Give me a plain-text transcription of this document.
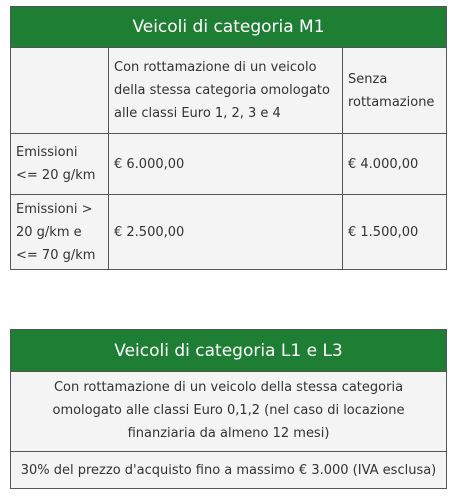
Veicoli di categoria M1
Con rottamazione di un veicolo della stessa categoria omologato alle classi Euro 1, 2, 3 e 4
Senza rottamazione
Emissioni <= 20 g/km
€ 6.000,00	€ 4.000,00
Emissioni > 20 g/km e <= 70 g/km
€ 2.500,00	€ 1.500,00
Veicoli di categoria L1 e L3
Con rottamazione di un veicolo della stessa categoria omologato alle classi Euro 0,1,2 (nel caso di locazione finanziaria da almeno 12 mesi)
30% del prezzo d'acquisto fino a massimo € 3.000 (IVA esclusa)
